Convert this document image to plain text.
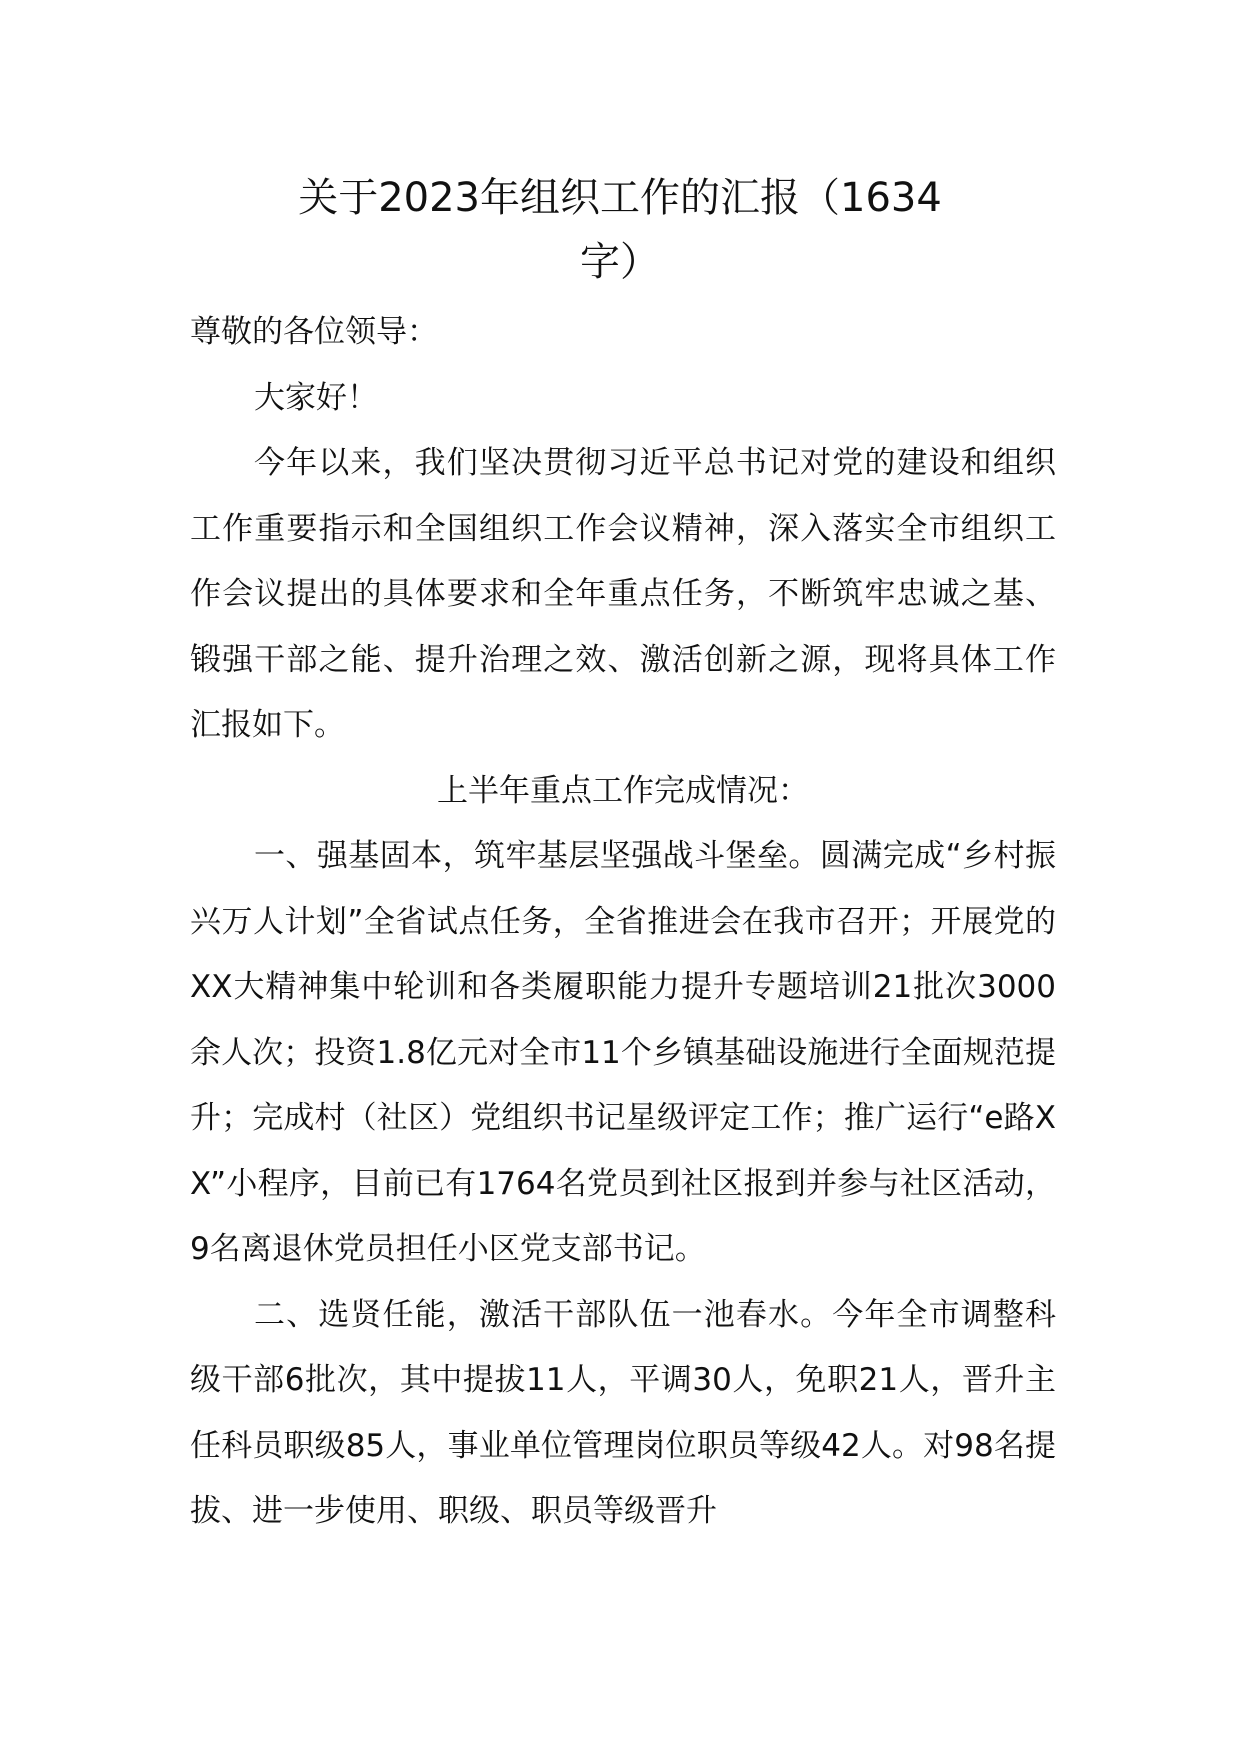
关于2023年组织工作的汇报（1634
字）

尊敬的各位领导：

大家好！

今年以来，我们坚决贯彻习近平总书记对党的建设和组织工作重要指示和全国组织工作会议精神，深入落实全市组织工作会议提出的具体要求和全年重点任务，不断筑牢忠诚之基、锻强干部之能、提升治理之效、激活创新之源，现将具体工作汇报如下。

上半年重点工作完成情况：

一、强基固本，筑牢基层坚强战斗堡垒。圆满完成“乡村振兴万人计划”全省试点任务，全省推进会在我市召开；开展党的XX大精神集中轮训和各类履职能力提升专题培训21批次3000余人次；投资1.8亿元对全市11个乡镇基础设施进行全面规范提升；完成村（社区）党组织书记星级评定工作；推广运行“e路XX”小程序，目前已有1764名党员到社区报到并参与社区活动，9名离退休党员担任小区党支部书记。

二、选贤任能，激活干部队伍一池春水。今年全市调整科级干部6批次，其中提拔11人，平调30人，免职21人，晋升主任科员职级85人，事业单位管理岗位职员等级42人。对98名提拔、进一步使用、职级、职员等级晋升
